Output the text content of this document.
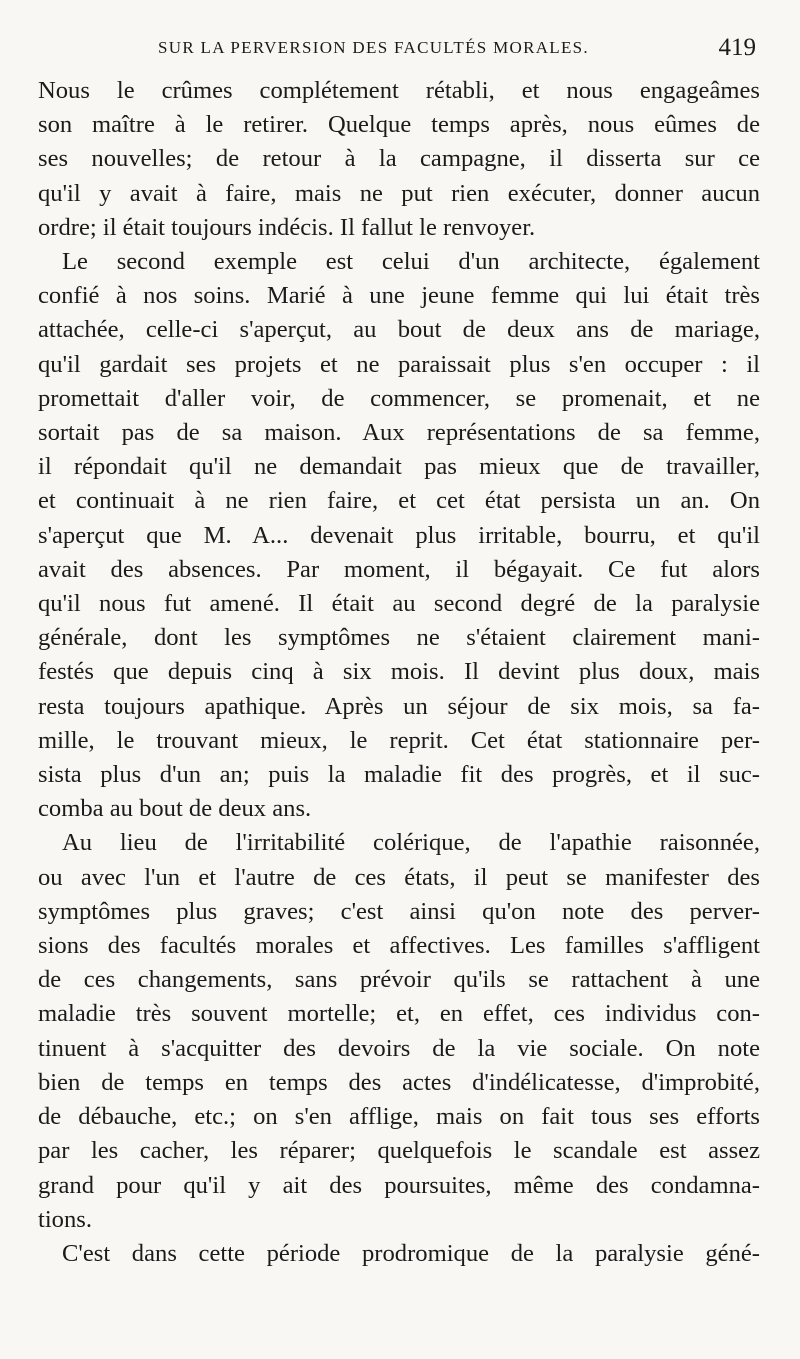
SUR LA PERVERSION DES FACULTÉS MORALES.	419

Nous le crûmes complétement rétabli, et nous engageâmes

son maître à le retirer. Quelque temps après, nous eûmes de

ses nouvelles; de retour à la campagne, il disserta sur ce

qu'il y avait à faire, mais ne put rien exécuter, donner aucun

ordre; il était toujours indécis. Il fallut le renvoyer.

Le second exemple est celui d'un architecte, également

confié à nos soins. Marié à une jeune femme qui lui était très

attachée, celle-ci s'aperçut, au bout de deux ans de mariage,

qu'il gardait ses projets et ne paraissait plus s'en occuper : il

promettait d'aller voir, de commencer, se promenait, et ne

sortait pas de sa maison. Aux représentations de sa femme,

il répondait qu'il ne demandait pas mieux que de travailler,

et continuait à ne rien faire, et cet état persista un an. On

s'aperçut que M. A... devenait plus irritable, bourru, et qu'il

avait des absences. Par moment, il bégayait. Ce fut alors

qu'il nous fut amené. Il était au second degré de la paralysie

générale, dont les symptômes ne s'étaient clairement mani-

festés que depuis cinq à six mois. Il devint plus doux, mais

resta toujours apathique. Après un séjour de six mois, sa fa-

mille, le trouvant mieux, le reprit. Cet état stationnaire per-

sista plus d'un an; puis la maladie fit des progrès, et il suc-

comba au bout de deux ans.

Au lieu de l'irritabilité colérique, de l'apathie raisonnée,

ou avec l'un et l'autre de ces états, il peut se manifester des

symptômes plus graves; c'est ainsi qu'on note des perver-

sions des facultés morales et affectives. Les familles s'affligent

de ces changements, sans prévoir qu'ils se rattachent à une

maladie très souvent mortelle; et, en effet, ces individus con-

tinuent à s'acquitter des devoirs de la vie sociale. On note

bien de temps en temps des actes d'indélicatesse, d'improbité,

de débauche, etc.; on s'en afflige, mais on fait tous ses efforts

par les cacher, les réparer; quelquefois le scandale est assez

grand pour qu'il y ait des poursuites, même des condamna-

tions.

C'est dans cette période prodromique de la paralysie géné-
